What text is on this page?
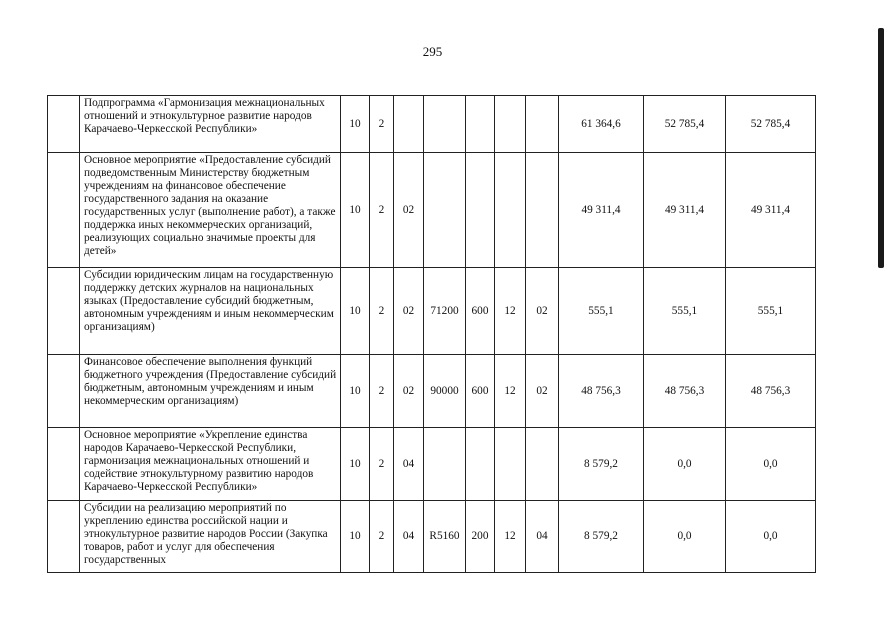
295
	Подпрограмма «Гармонизация межнациональных отношений и этнокультурное развитие народов Карачаево-Черкесской Республики»	10	2						61 364,6	52 785,4	52 785,4
	Основное мероприятие «Предоставление субсидий подведомственным Министерству бюджетным учреждениям на финансовое обеспечение государственного задания на оказание государственных услуг (выполнение работ), а также поддержка иных некоммерческих организаций, реализующих социально значимые проекты для детей»	10	2	02					49 311,4	49 311,4	49 311,4
	Субсидии юридическим лицам на государственную поддержку детских журналов на национальных языках (Предоставление субсидий бюджетным, автономным учреждениям и иным некоммерческим организациям)	10	2	02	71200	600	12	02	555,1	555,1	555,1
	Финансовое обеспечение выполнения функций бюджетного учреждения (Предоставление субсидий бюджетным, автономным учреждениям и иным некоммерческим организациям)	10	2	02	90000	600	12	02	48 756,3	48 756,3	48 756,3
	Основное мероприятие «Укрепление единства народов Карачаево-Черкесской Республики, гармонизация межнациональных отношений и содействие этнокультурному развитию народов Карачаево-Черкесской Республики»	10	2	04					8 579,2	0,0	0,0
	Субсидии на реализацию мероприятий по укреплению единства российской нации и этнокультурное развитие народов России (Закупка товаров, работ и услуг для обеспечения государственных	10	2	04	R5160	200	12	04	8 579,2	0,0	0,0
